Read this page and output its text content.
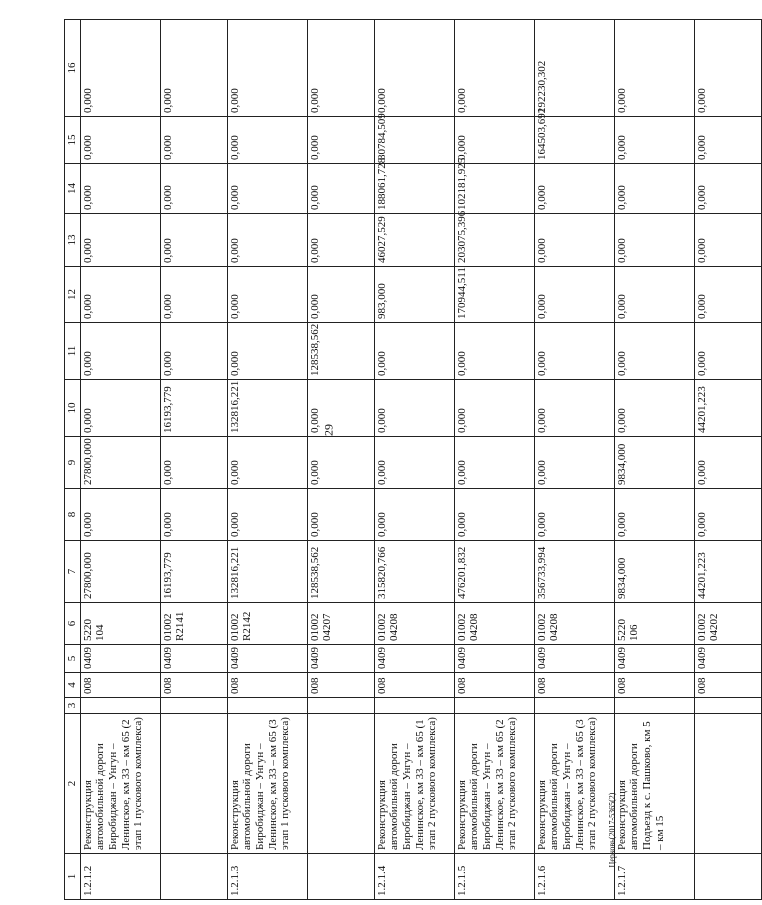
29
Церковь(2017-5365(2)
1	2	3	4	5	6	7	8	9	10	11	12	13	14	15	16
1.2.1.2	Реконструкция автомобильной дороги Биробиджан – Унгун – Ленинское, км 33 – км 65 (2 этап 1 пускового комплекса)		008	0409	5220 104	27800,000	0,000	27800,000	0,000	0,000	0,000	0,000	0,000	0,000	0,000
			008	0409	01002 R2141	16193,779	0,000	0,000	16193,779	0,000	0,000	0,000	0,000	0,000	0,000
1.2.1.3	Реконструкция автомобильной дороги Биробиджан – Унгун – Ленинское, км 33 – км 65 (3 этап 1 пускового комплекса)		008	0409	01002 R2142	132816,221	0,000	0,000	132816,221	0,000	0,000	0,000	0,000	0,000	0,000
			008	0409	01002 04207	128538,562	0,000	0,000	0,000	128538,562	0,000	0,000	0,000	0,000	0,000
1.2.1.4	Реконструкция автомобильной дороги Биробиджан – Унгун – Ленинское, км 33 – км 65 (1 этап 2 пускового комплекса)		008	0409	01002 04208	315820,766	0,000	0,000	0,000	0,000	983,000	46027,529	188061,728	80784,509	0,000
1.2.1.5	Реконструкция автомобильной дороги Биробиджан – Унгун – Ленинское, км 33 – км 65 (2 этап 2 пускового комплекса)		008	0409	01002 04208	476201,832	0,000	0,000	0,000	0,000	170944,511	203075,396	102181,925	0,000	0,000
1.2.1.6	Реконструкция автомобильной дороги Биробиджан – Унгун – Ленинское, км 33 – км 65 (3 этап 2 пускового комплекса)		008	0409	01002 04208	356733,994	0,000	0,000	0,000	0,000	0,000	0,000	0,000	164503,692	192230,302
1.2.1.7	Реконструкция автомобильной дороги Подъезд к с. Пашково, км 5 – км 15		008	0409	5220 106	9834,000	0,000	9834,000	0,000	0,000	0,000	0,000	0,000	0,000	0,000
			008	0409	01002 04202	44201,223	0,000	0,000	44201,223	0,000	0,000	0,000	0,000	0,000	0,000
